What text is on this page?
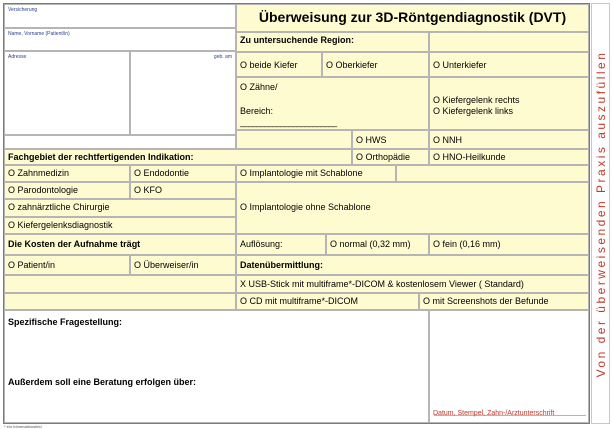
Versicherung
Name, Vorname (Patient/in)
Adresse	geb. am
Überweisung zur 3D-Röntgendiagnostik (DVT)
Zu untersuchende Region:
O beide Kiefer	O Oberkiefer	O Unterkiefer
O Zähne/
Bereich:
________________________
O Kiefergelenk rechts
O Kiefergelenk links
O HWS	O NNH
Fachgebiet der rechtfertigenden Indikation:	O Orthopädie	O HNO-Heilkunde
O Zahnmedizin	O Endodontie	O Implantologie mit Schablone
O Parodontologie	O KFO
O Implantologie ohne Schablone
O zahnärztliche Chirurgie
O Kiefergelenksdiagnostik
Die Kosten der Aufnahme trägt	Auflösung:	O normal (0,32 mm)	O fein (0,16 mm)
O Patient/in	O Überweiser/in	Datenübermittlung:
X USB-Stick mit multiframe*-DICOM & kostenlosem Viewer ( Standard)
O CD mit multiframe*-DICOM	O mit Screenshots der Befunde
Spezifische Fragestellung:
Außerdem soll eine Beratung erfolgen über:
Datum, Stempel, Zahn-/Arztunterschrift
Von der überweisenden Praxis auszufüllen
* ein Informationsfeld
